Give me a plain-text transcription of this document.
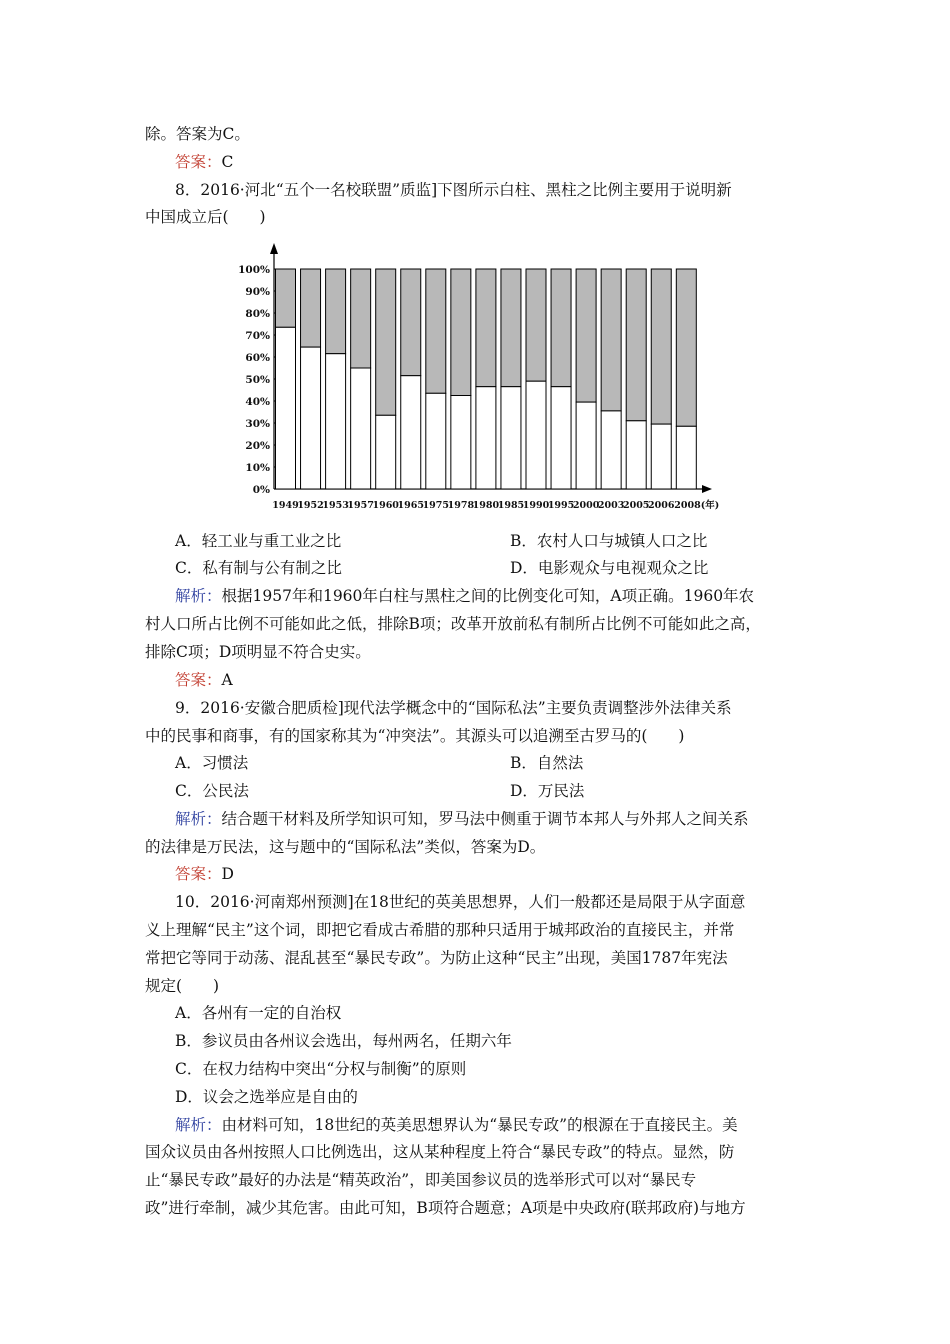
除。答案为C。
答案：C
8．2016·河北“五个一名校联盟”质监]下图所示白柱、黑柱之比例主要用于说明新
中国成立后(　　)
0%
10%
20%
30%
40%
50%
60%
70%
80%
90%
100%
1949
1952
1953
1957
1960
1965
1975
1978
1980
1985
1990
1995
2000
2003
2005
2006 2008(年)
A．轻工业与重工业之比	B．农村人口与城镇人口之比
C．私有制与公有制之比	D．电影观众与电视观众之比
解析：根据1957年和1960年白柱与黑柱之间的比例变化可知，A项正确。1960年农
村人口所占比例不可能如此之低，排除B项；改革开放前私有制所占比例不可能如此之高，
排除C项；D项明显不符合史实。
答案：A
9．2016·安徽合肥质检]现代法学概念中的“国际私法”主要负责调整涉外法律关系
中的民事和商事，有的国家称其为“冲突法”。其源头可以追溯至古罗马的(　　)
A．习惯法	B．自然法
C．公民法	D．万民法
解析：结合题干材料及所学知识可知，罗马法中侧重于调节本邦人与外邦人之间关系
的法律是万民法，这与题中的“国际私法”类似，答案为D。
答案：D
10．2016·河南郑州预测]在18世纪的英美思想界，人们一般都还是局限于从字面意
义上理解“民主”这个词，即把它看成古希腊的那种只适用于城邦政治的直接民主，并常
常把它等同于动荡、混乱甚至“暴民专政”。为防止这种“民主”出现，美国1787年宪法
规定(　　)
A．各州有一定的自治权
B．参议员由各州议会选出，每州两名，任期六年
C．在权力结构中突出“分权与制衡”的原则
D．议会之选举应是自由的
解析：由材料可知，18世纪的英美思想界认为“暴民专政”的根源在于直接民主。美
国众议员由各州按照人口比例选出，这从某种程度上符合“暴民专政”的特点。显然，防
止“暴民专政”最好的办法是“精英政治”，即美国参议员的选举形式可以对“暴民专
政”进行牵制，减少其危害。由此可知，B项符合题意；A项是中央政府(联邦政府)与地方
